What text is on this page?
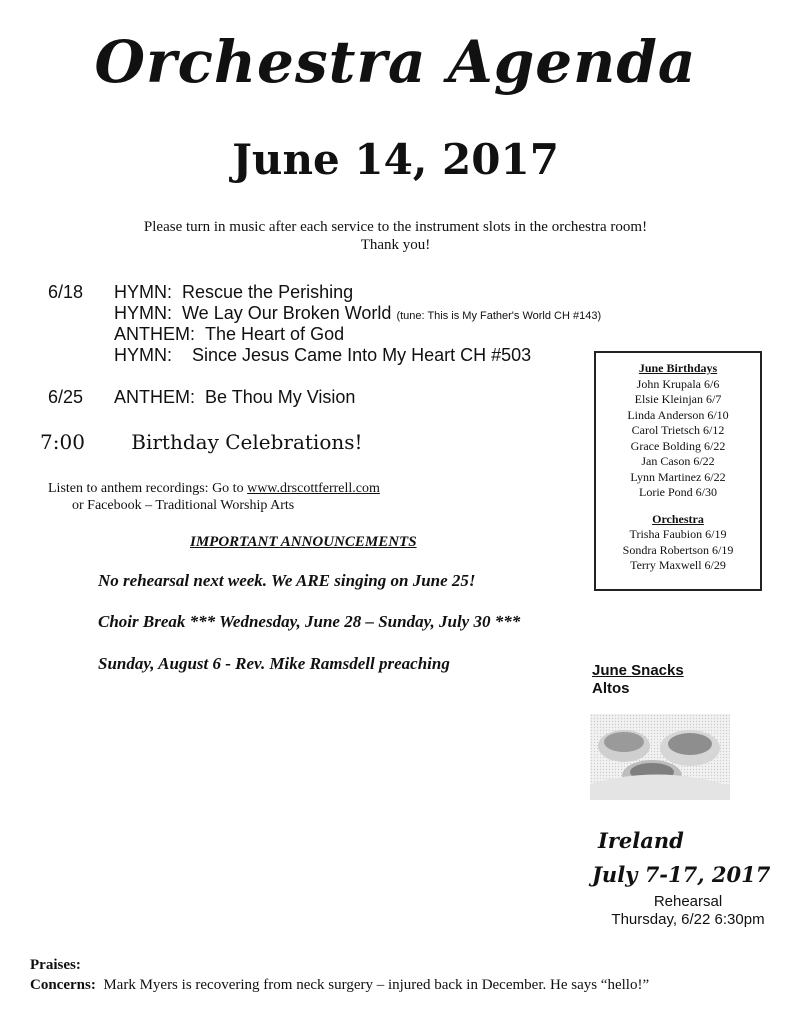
Orchestra Agenda
June 14, 2017
Please turn in music after each service to the instrument slots in the orchestra room!
Thank you!
6/18 HYMN: Rescue the Perishing
HYMN: We Lay Our Broken World (tune: This is My Father's World CH #143)
ANTHEM: The Heart of God
HYMN: Since Jesus Came Into My Heart CH #503
6/25 ANTHEM: Be Thou My Vision
7:00 Birthday Celebrations!
Listen to anthem recordings: Go to www.drscottferrell.com
or Facebook – Traditional Worship Arts
IMPORTANT ANNOUNCEMENTS
No rehearsal next week. We ARE singing on June 25!
Choir Break *** Wednesday, June 28 – Sunday, July 30 ***
Sunday, August 6 - Rev. Mike Ramsdell preaching
June Birthdays
John Krupala 6/6
Elsie Kleinjan 6/7
Linda Anderson 6/10
Carol Trietsch 6/12
Grace Bolding 6/22
Jan Cason 6/22
Lynn Martinez 6/22
Lorie Pond 6/30
Orchestra
Trisha Faubion 6/19
Sondra Robertson 6/19
Terry Maxwell 6/29
June Snacks
Altos
Ireland
July 7-17, 2017
Rehearsal
Thursday, 6/22 6:30pm
Praises:
Concerns: Mark Myers is recovering from neck surgery – injured back in December. He says “hello!”
